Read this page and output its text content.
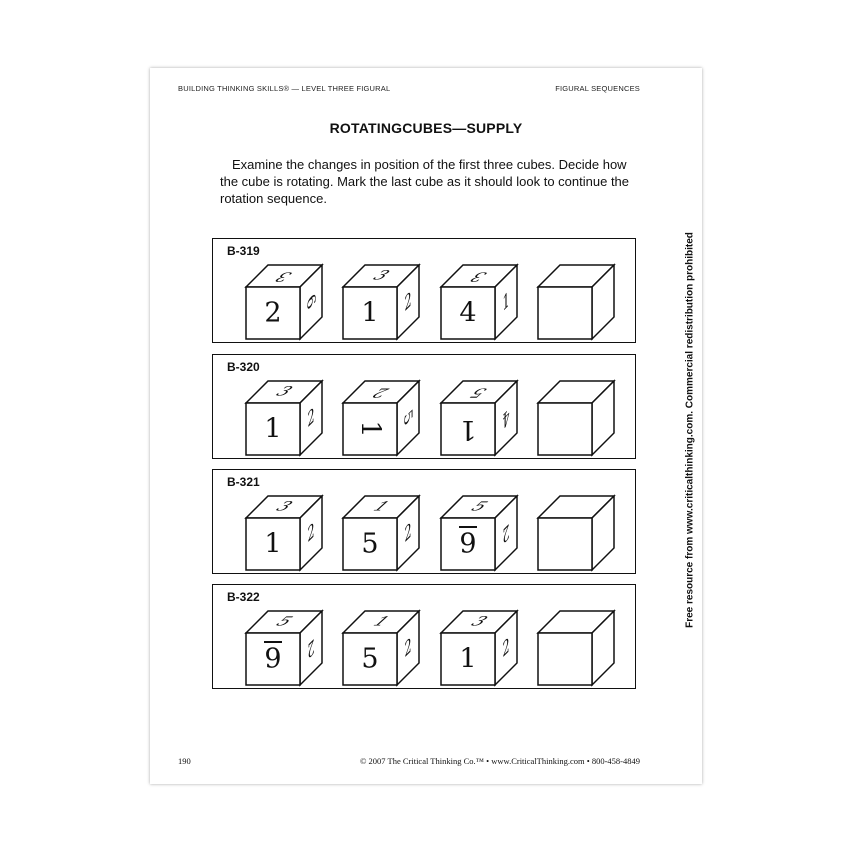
BUILDING THINKING SKILLS® — LEVEL THREE FIGURAL	FIGURAL SEQUENCES
ROTATINGCUBES—SUPPLY
Examine the changes in position of the first three cubes. Decide how the cube is rotating. Mark the last cube as it should look to continue the rotation sequence.
B-319
2
3
6 1
3
2 4
3
1
B-320
1
3
2 1
2
5 1
5
4
B-321
1
3
2 5
1
2 9
5
2
B-322
9
5
2 5
1
2 1
3
2
190	© 2007 The Critical Thinking Co.™ • www.CriticalThinking.com • 800-458-4849
Free resource from www.criticalthinking.com. Commercial redistribution prohibited
